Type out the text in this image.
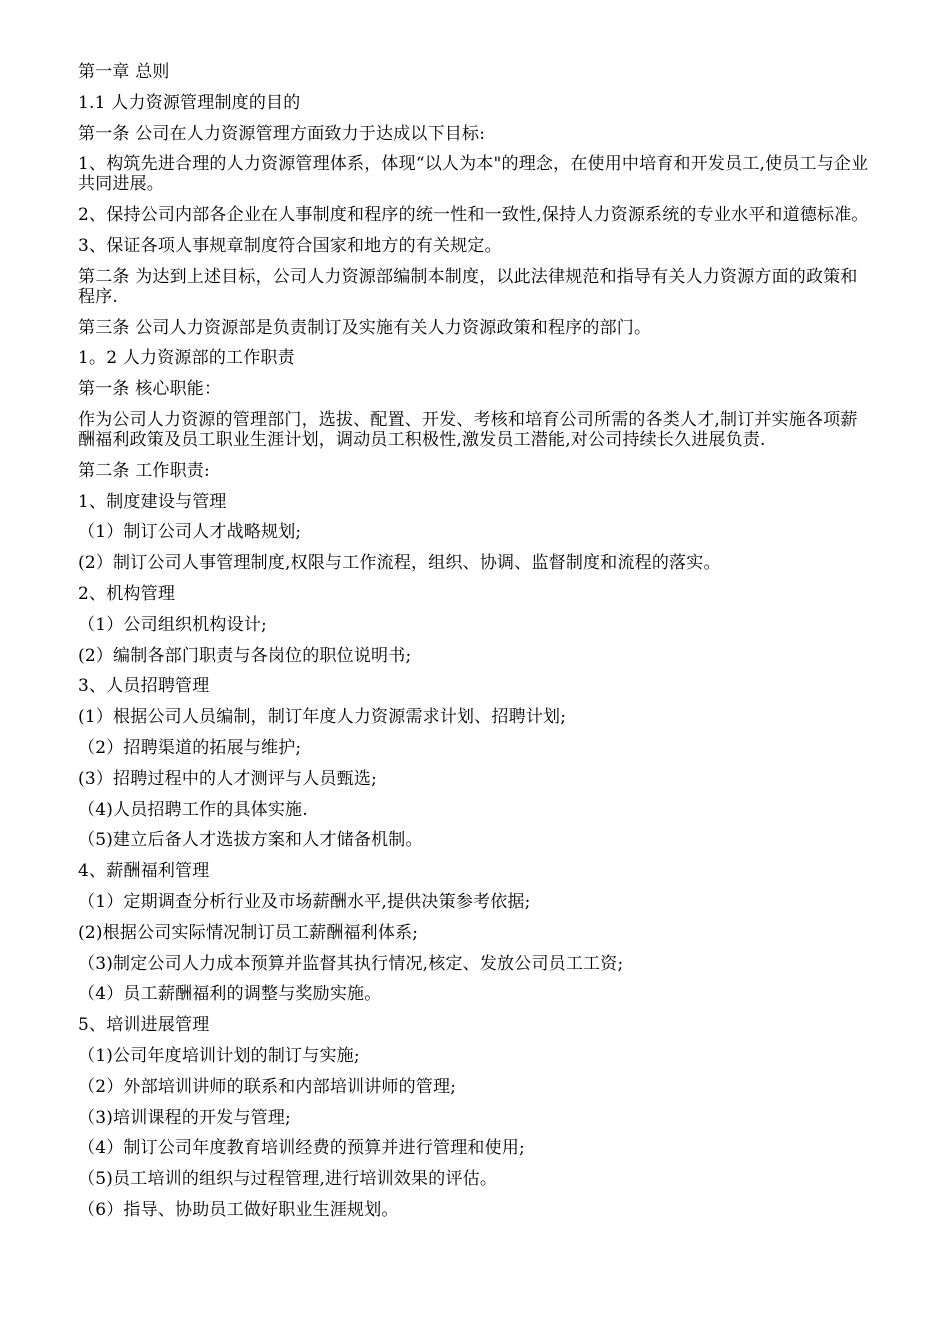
第一章 总则

1.1 人力资源管理制度的目的

第一条 公司在人力资源管理方面致力于达成以下目标:

1、构筑先进合理的人力资源管理体系，体现“以人为本"的理念，在使用中培育和开发员工,使员工与企业共同进展。

2、保持公司内部各企业在人事制度和程序的统一性和一致性,保持人力资源系统的专业水平和道德标准。

3、保证各项人事规章制度符合国家和地方的有关规定。

第二条 为达到上述目标，公司人力资源部编制本制度，以此法律规范和指导有关人力资源方面的政策和程序.

第三条 公司人力资源部是负责制订及实施有关人力资源政策和程序的部门。

1。2 人力资源部的工作职责

第一条 核心职能：

作为公司人力资源的管理部门，选拔、配置、开发、考核和培育公司所需的各类人才,制订并实施各项薪酬福利政策及员工职业生涯计划，调动员工积极性,激发员工潜能,对公司持续长久进展负责.

第二条 工作职责:

1、制度建设与管理

（1）制订公司人才战略规划;

(2）制订公司人事管理制度,权限与工作流程，组织、协调、监督制度和流程的落实。

2、机构管理

（1）公司组织机构设计;

(2）编制各部门职责与各岗位的职位说明书;

3、人员招聘管理

(1）根据公司人员编制，制订年度人力资源需求计划、招聘计划;

（2）招聘渠道的拓展与维护;

(3）招聘过程中的人才测评与人员甄选;

（4)人员招聘工作的具体实施.

（5)建立后备人才选拔方案和人才储备机制。

4、薪酬福利管理

（1）定期调查分析行业及市场薪酬水平,提供决策参考依据;

(2)根据公司实际情况制订员工薪酬福利体系;

（3)制定公司人力成本预算并监督其执行情况,核定、发放公司员工工资;

（4）员工薪酬福利的调整与奖励实施。

5、培训进展管理

（1)公司年度培训计划的制订与实施;

（2）外部培训讲师的联系和内部培训讲师的管理;

（3)培训课程的开发与管理;

（4）制订公司年度教育培训经费的预算并进行管理和使用;

（5)员工培训的组织与过程管理,进行培训效果的评估。

（6）指导、协助员工做好职业生涯规划。
